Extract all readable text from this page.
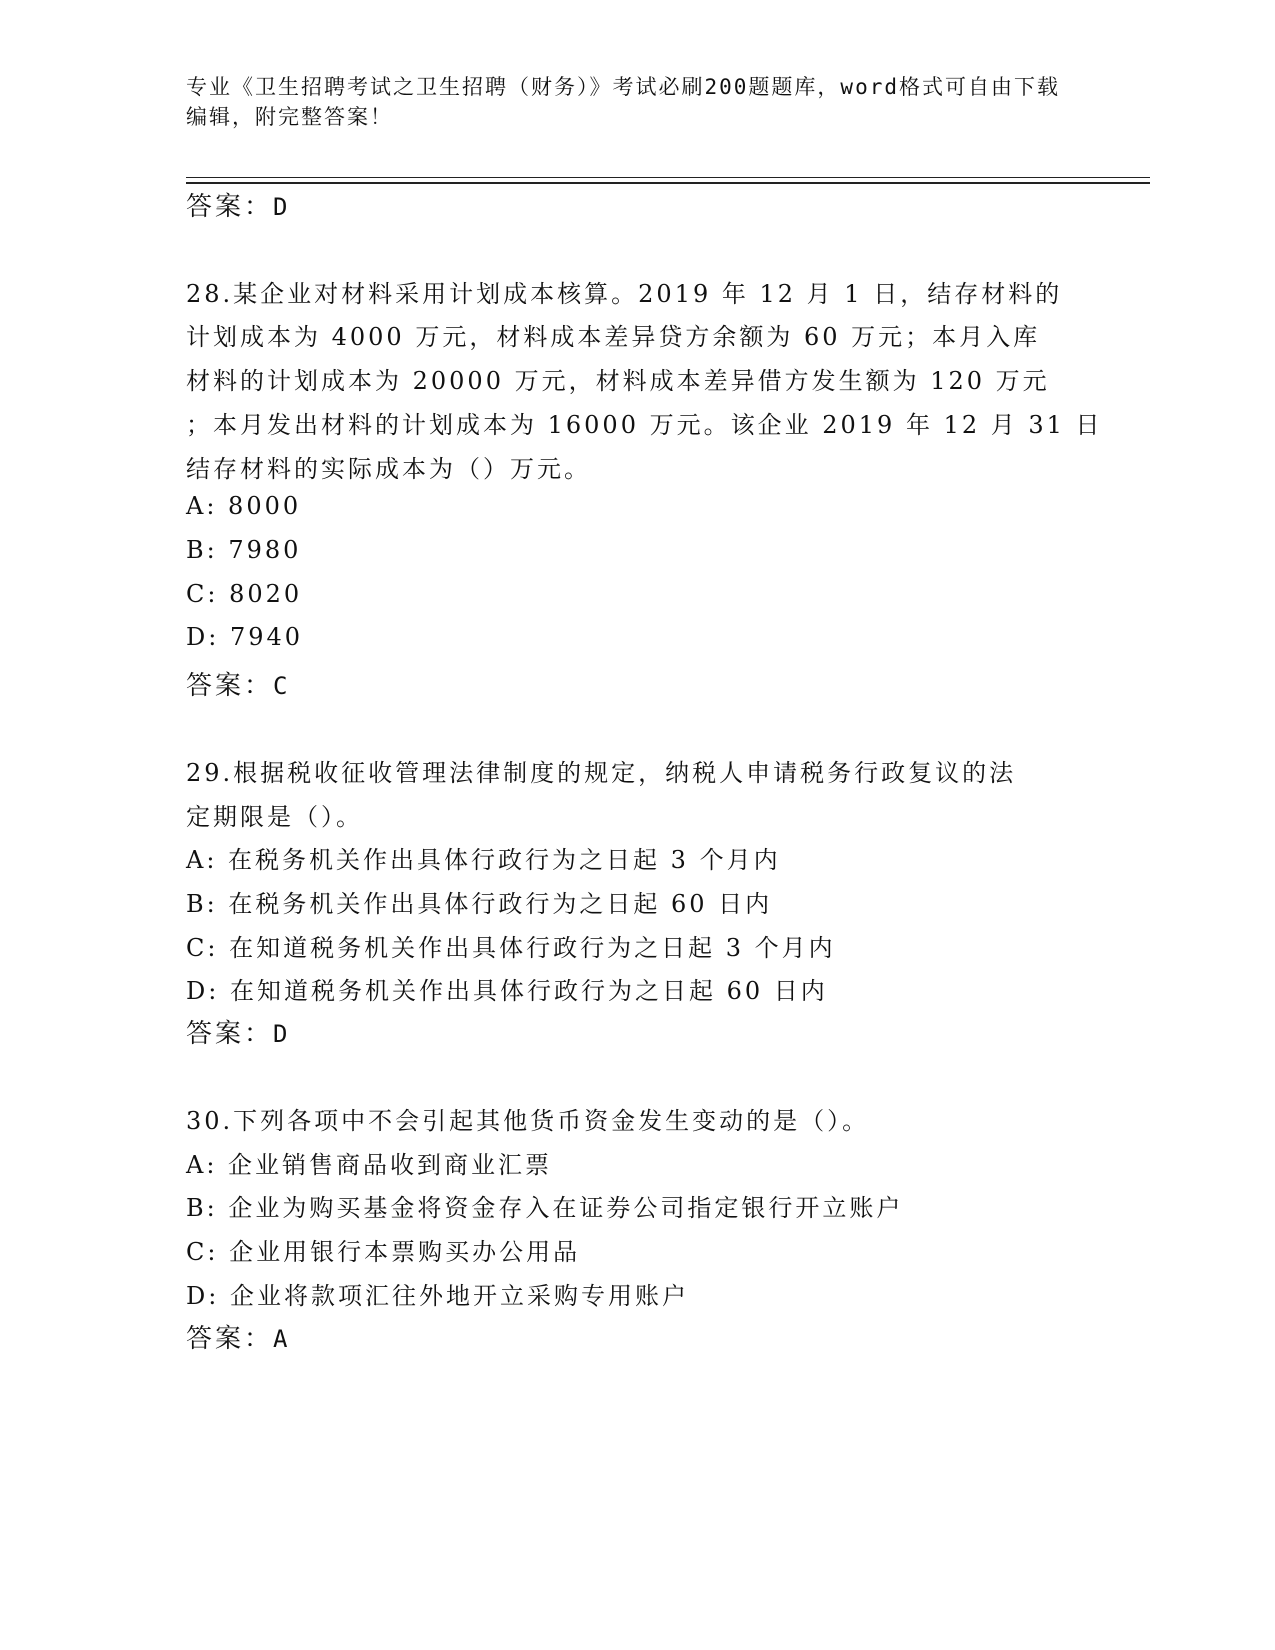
专业《卫生招聘考试之卫生招聘（财务）》考试必刷200题题库，word格式可自由下载编辑，附完整答案！
答案：D
28.某企业对材料采用计划成本核算。2019 年 12 月 1 日，结存材料的
计划成本为 4000 万元，材料成本差异贷方余额为 60 万元；本月入库
材料的计划成本为 20000 万元，材料成本差异借方发生额为 120 万元
；本月发出材料的计划成本为 16000 万元。该企业 2019 年 12 月 31 日
结存材料的实际成本为（）万元。
A: 8000
B: 7980
C: 8020
D: 7940
答案：C
29.根据税收征收管理法律制度的规定，纳税人申请税务行政复议的法
定期限是（）。
A: 在税务机关作出具体行政行为之日起 3 个月内
B: 在税务机关作出具体行政行为之日起 60 日内
C: 在知道税务机关作出具体行政行为之日起 3 个月内
D: 在知道税务机关作出具体行政行为之日起 60 日内
答案：D
30.下列各项中不会引起其他货币资金发生变动的是（）。
A: 企业销售商品收到商业汇票
B: 企业为购买基金将资金存入在证券公司指定银行开立账户
C: 企业用银行本票购买办公用品
D: 企业将款项汇往外地开立采购专用账户
答案：A
